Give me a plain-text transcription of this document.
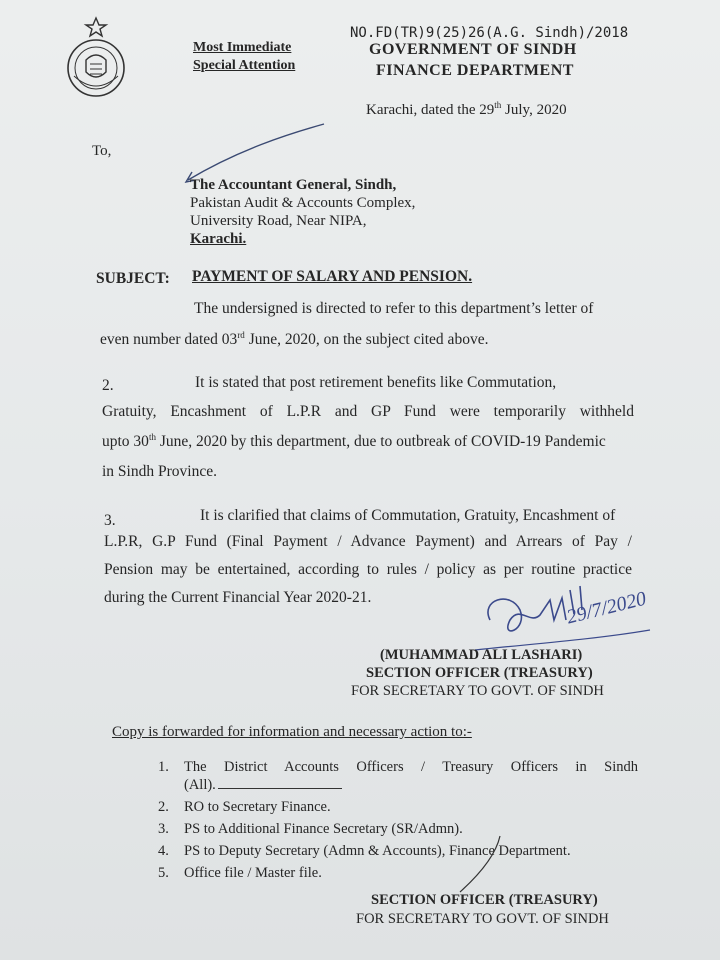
Most Immediate
Special Attention
NO.FD(TR)9(25)26(A.G. Sindh)/2018
GOVERNMENT OF SINDH
FINANCE DEPARTMENT
Karachi, dated the 29th July, 2020
To,
The Accountant General, Sindh,
Pakistan Audit & Accounts Complex,
University Road, Near NIPA,
Karachi.
SUBJECT: PAYMENT OF SALARY AND PENSION.
The undersigned is directed to refer to this department’s letter of
even number dated 03rd June, 2020, on the subject cited above.
2.	It is stated that post retirement benefits like Commutation,
Gratuity, Encashment of L.P.R and GP Fund were temporarily withheld
upto 30th June, 2020 by this department, due to outbreak of COVID-19 Pandemic
in Sindh Province.
3.	It is clarified that claims of Commutation, Gratuity, Encashment of
L.P.R, G.P Fund (Final Payment / Advance Payment) and Arrears of Pay /
Pension may be entertained, according to rules / policy as per routine practice
during the Current Financial Year 2020-21.	29/7/2020
(MUHAMMAD ALI LASHARI)
SECTION OFFICER (TREASURY)
FOR SECRETARY TO GOVT. OF SINDH
Copy is forwarded for information and necessary action to:-
1.	The District Accounts Officers / Treasury Officers in Sindh
(All).
2.	RO to Secretary Finance.
3.	PS to Additional Finance Secretary (SR/Admn).
4.	PS to Deputy Secretary (Admn & Accounts), Finance Department.
5.	Office file / Master file.
SECTION OFFICER (TREASURY)
FOR SECRETARY TO GOVT. OF SINDH
